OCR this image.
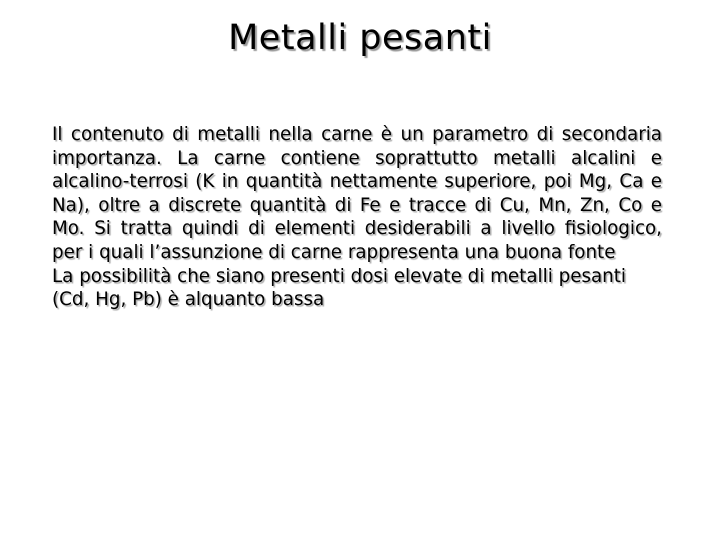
Metalli pesanti

Il contenuto di metalli nella carne è un parametro di secondaria importanza. La carne contiene soprattutto metalli alcalini e alcalino-terrosi (K in quantità nettamente superiore, poi Mg, Ca e Na), oltre a discrete quantità di Fe e tracce di Cu, Mn, Zn, Co e Mo. Si tratta quindi di elementi desiderabili a livello fisiologico, per i quali l’assunzione di carne rappresenta una buona fonte

La possibilità che siano presenti dosi elevate di metalli pesanti (Cd, Hg, Pb) è alquanto bassa
